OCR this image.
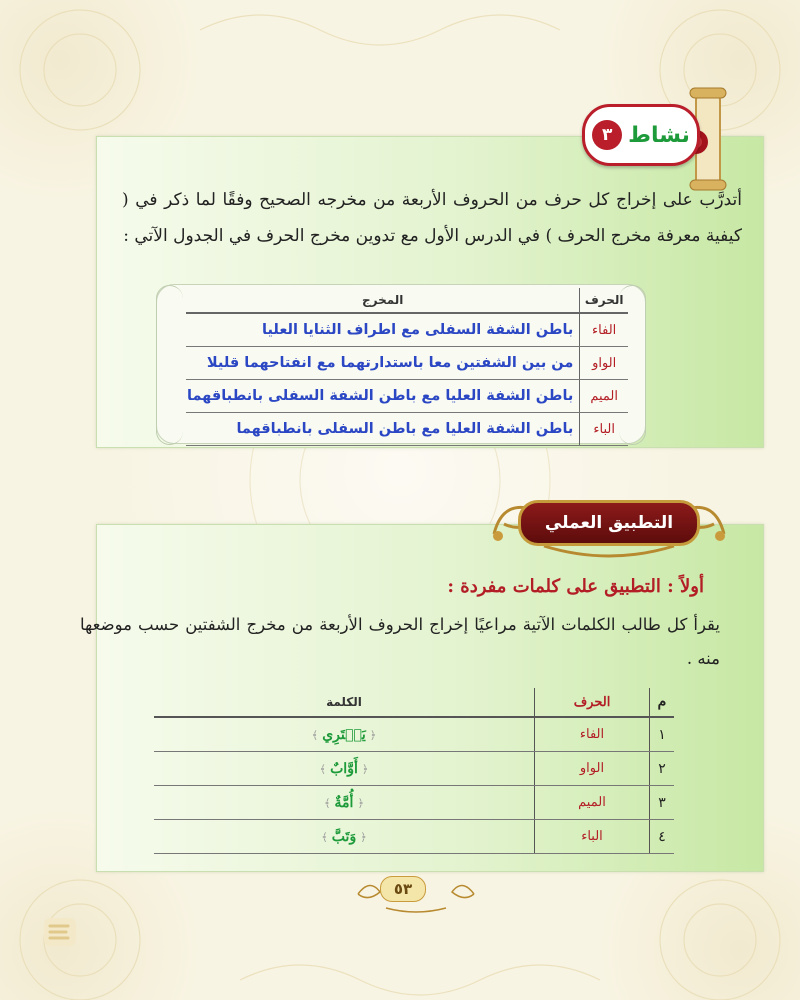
نشاط
٣
أتدرَّب على إخراج كل حرف من الحروف الأربعة من مخرجه الصحيح وفقًا لما ذكر في ( كيفية معرفة مخرج الحرف ) في الدرس الأول مع تدوين مخرج الحرف في الجدول الآتي :
الحرف	المخرج
الفاء	باطن الشفة السفلى مع اطراف الثنايا العليا
الواو	من بين الشفتين معا باستدارتهما مع انفتاحهما قليلا
الميم	باطن الشفة العليا مع باطن الشفة السفلى بانطباقهما
الباء	باطن الشفة العليا مع باطن السفلى بانطباقهما
التطبيق العملي
أولاً : التطبيق على كلمات مفردة :
يقرأ كل طالب الكلمات الآتية مراعيًا إخراج الحروف الأربعة من مخرج الشفتين حسب موضعها منه .
م	الحرف	الكلمة
١	الفاء	﴿يَفۡتَرِي﴾
٢	الواو	﴿أَوَّابٌ﴾
٣	الميم	﴿أُمَّةٌ﴾
٤	الباء	﴿وَتَبَّ﴾
٥٣
